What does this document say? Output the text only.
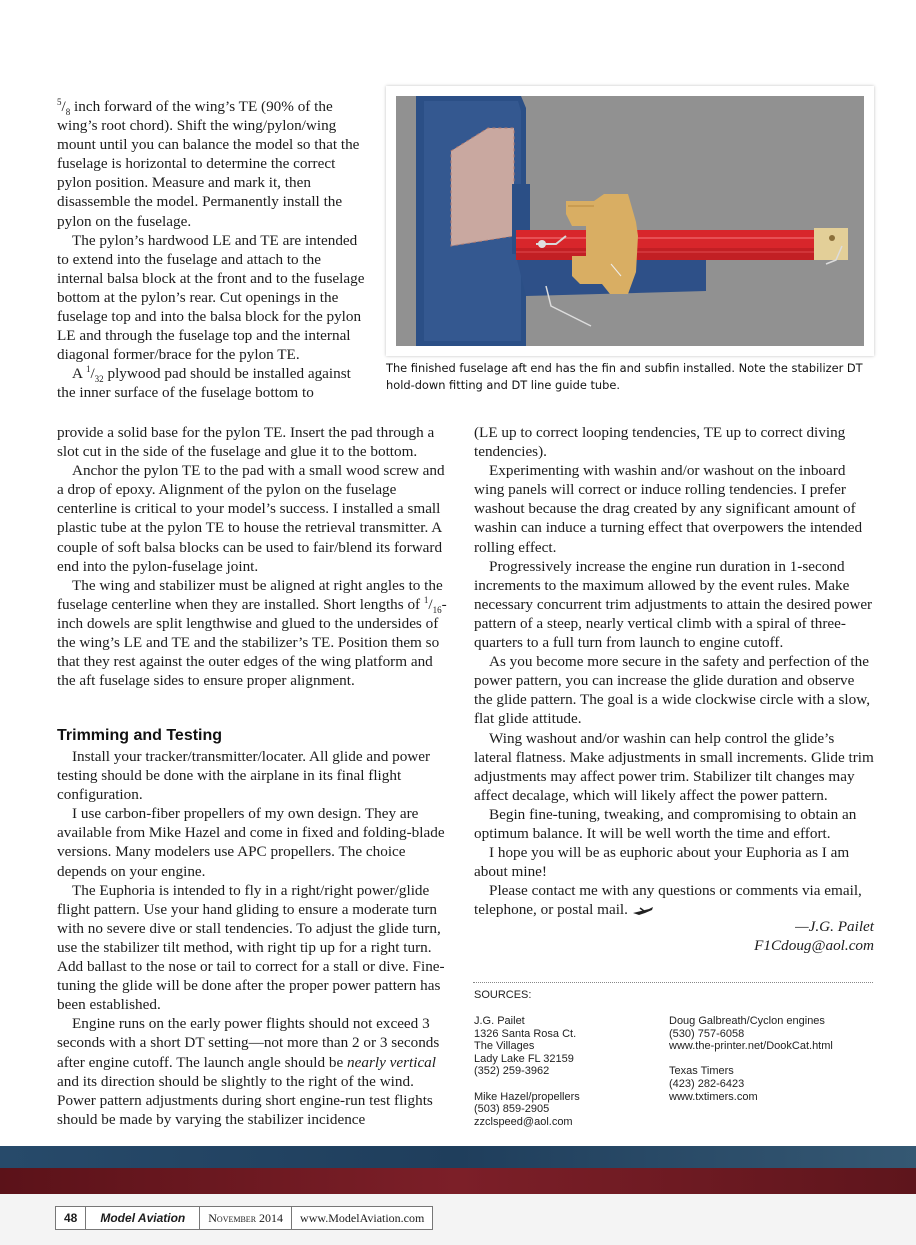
$^5/_8$ inch forward of the wing’s TE (90% of the wing’s root chord). Shift the wing/pylon/wing mount until you can balance the model so that the fuselage is horizontal to determine the correct pylon position. Measure and mark it, then disassemble the model. Permanently install the pylon on the fuselage.

The pylon’s hardwood LE and TE are intended to extend into the fuselage and attach to the internal balsa block at the front and to the fuselage bottom at the pylon’s rear. Cut openings in the fuselage top and into the balsa block for the pylon LE and through the fuselage top and the internal diagonal former/brace for the pylon TE.

A $^1/_{32}$ plywood pad should be installed against the inner surface of the fuselage bottom to

provide a solid base for the pylon TE. Insert the pad through a slot cut in the side of the fuselage and glue it to the bottom.

Anchor the pylon TE to the pad with a small wood screw and a drop of epoxy. Alignment of the pylon on the fuselage centerline is critical to your model’s success. I installed a small plastic tube at the pylon TE to house the retrieval transmitter. A couple of soft balsa blocks can be used to fair/blend its forward end into the pylon-fuselage joint.

The wing and stabilizer must be aligned at right angles to the fuselage centerline when they are installed. Short lengths of $^1/_{16}$-inch dowels are split lengthwise and glued to the undersides of the wing’s LE and TE and the stabilizer’s TE. Position them so that they rest against the outer edges of the wing platform and the aft fuselage sides to ensure proper alignment.

Trimming and Testing

Install your tracker/transmitter/locater. All glide and power testing should be done with the airplane in its final flight configuration.

I use carbon-fiber propellers of my own design. They are available from Mike Hazel and come in fixed and folding-blade versions. Many modelers use APC propellers. The choice depends on your engine.

The Euphoria is intended to fly in a right/right power/glide flight pattern. Use your hand gliding to ensure a moderate turn with no severe dive or stall tendencies. To adjust the glide turn, use the stabilizer tilt method, with right tip up for a right turn. Add ballast to the nose or tail to correct for a stall or dive. Fine-tuning the glide will be done after the proper power pattern has been established.

Engine runs on the early power flights should not exceed 3 seconds with a short DT setting—not more than 2 or 3 seconds after engine cutoff. The launch angle should be nearly vertical and its direction should be slightly to the right of the wind. Power pattern adjustments during short engine-run test flights should be made by varying the stabilizer incidence

The finished fuselage aft end has the fin and subfin installed. Note the stabilizer DT hold-down fitting and DT line guide tube.

(LE up to correct looping tendencies, TE up to correct diving tendencies).

Experimenting with washin and/or washout on the inboard wing panels will correct or induce rolling tendencies. I prefer washout because the drag created by any significant amount of washin can induce a turning effect that overpowers the intended rolling effect.

Progressively increase the engine run duration in 1-second increments to the maximum allowed by the event rules. Make necessary concurrent trim adjustments to attain the desired power pattern of a steep, nearly vertical climb with a spiral of three-quarters to a full turn from launch to engine cutoff.

As you become more secure in the safety and perfection of the power pattern, you can increase the glide duration and observe the glide pattern. The goal is a wide clockwise circle with a slow, flat glide attitude.

Wing washout and/or washin can help control the glide’s lateral flatness. Make adjustments in small increments. Glide trim adjustments may affect power trim. Stabilizer tilt changes may affect decalage, which will likely affect the power pattern.

Begin fine-tuning, tweaking, and compromising to obtain an optimum balance. It will be well worth the time and effort.

I hope you will be as euphoric about your Euphoria as I am about mine!

Please contact me with any questions or comments via email, telephone, or postal mail.

—J.G. Pailet
F1Cdoug@aol.com
SOURCES:
J.G. Pailet
1326 Santa Rosa Ct.
The Villages
Lady Lake FL 32159
(352) 259-3962

Mike Hazel/propellers
(503) 859-2905
zzclspeed@aol.com
Doug Galbreath/Cyclon engines
(530) 757-6058
www.the-printer.net/DookCat.html

Texas Timers
(423) 282-6423
www.txtimers.com
48	Model Aviation	November 2014	www.ModelAviation.com
